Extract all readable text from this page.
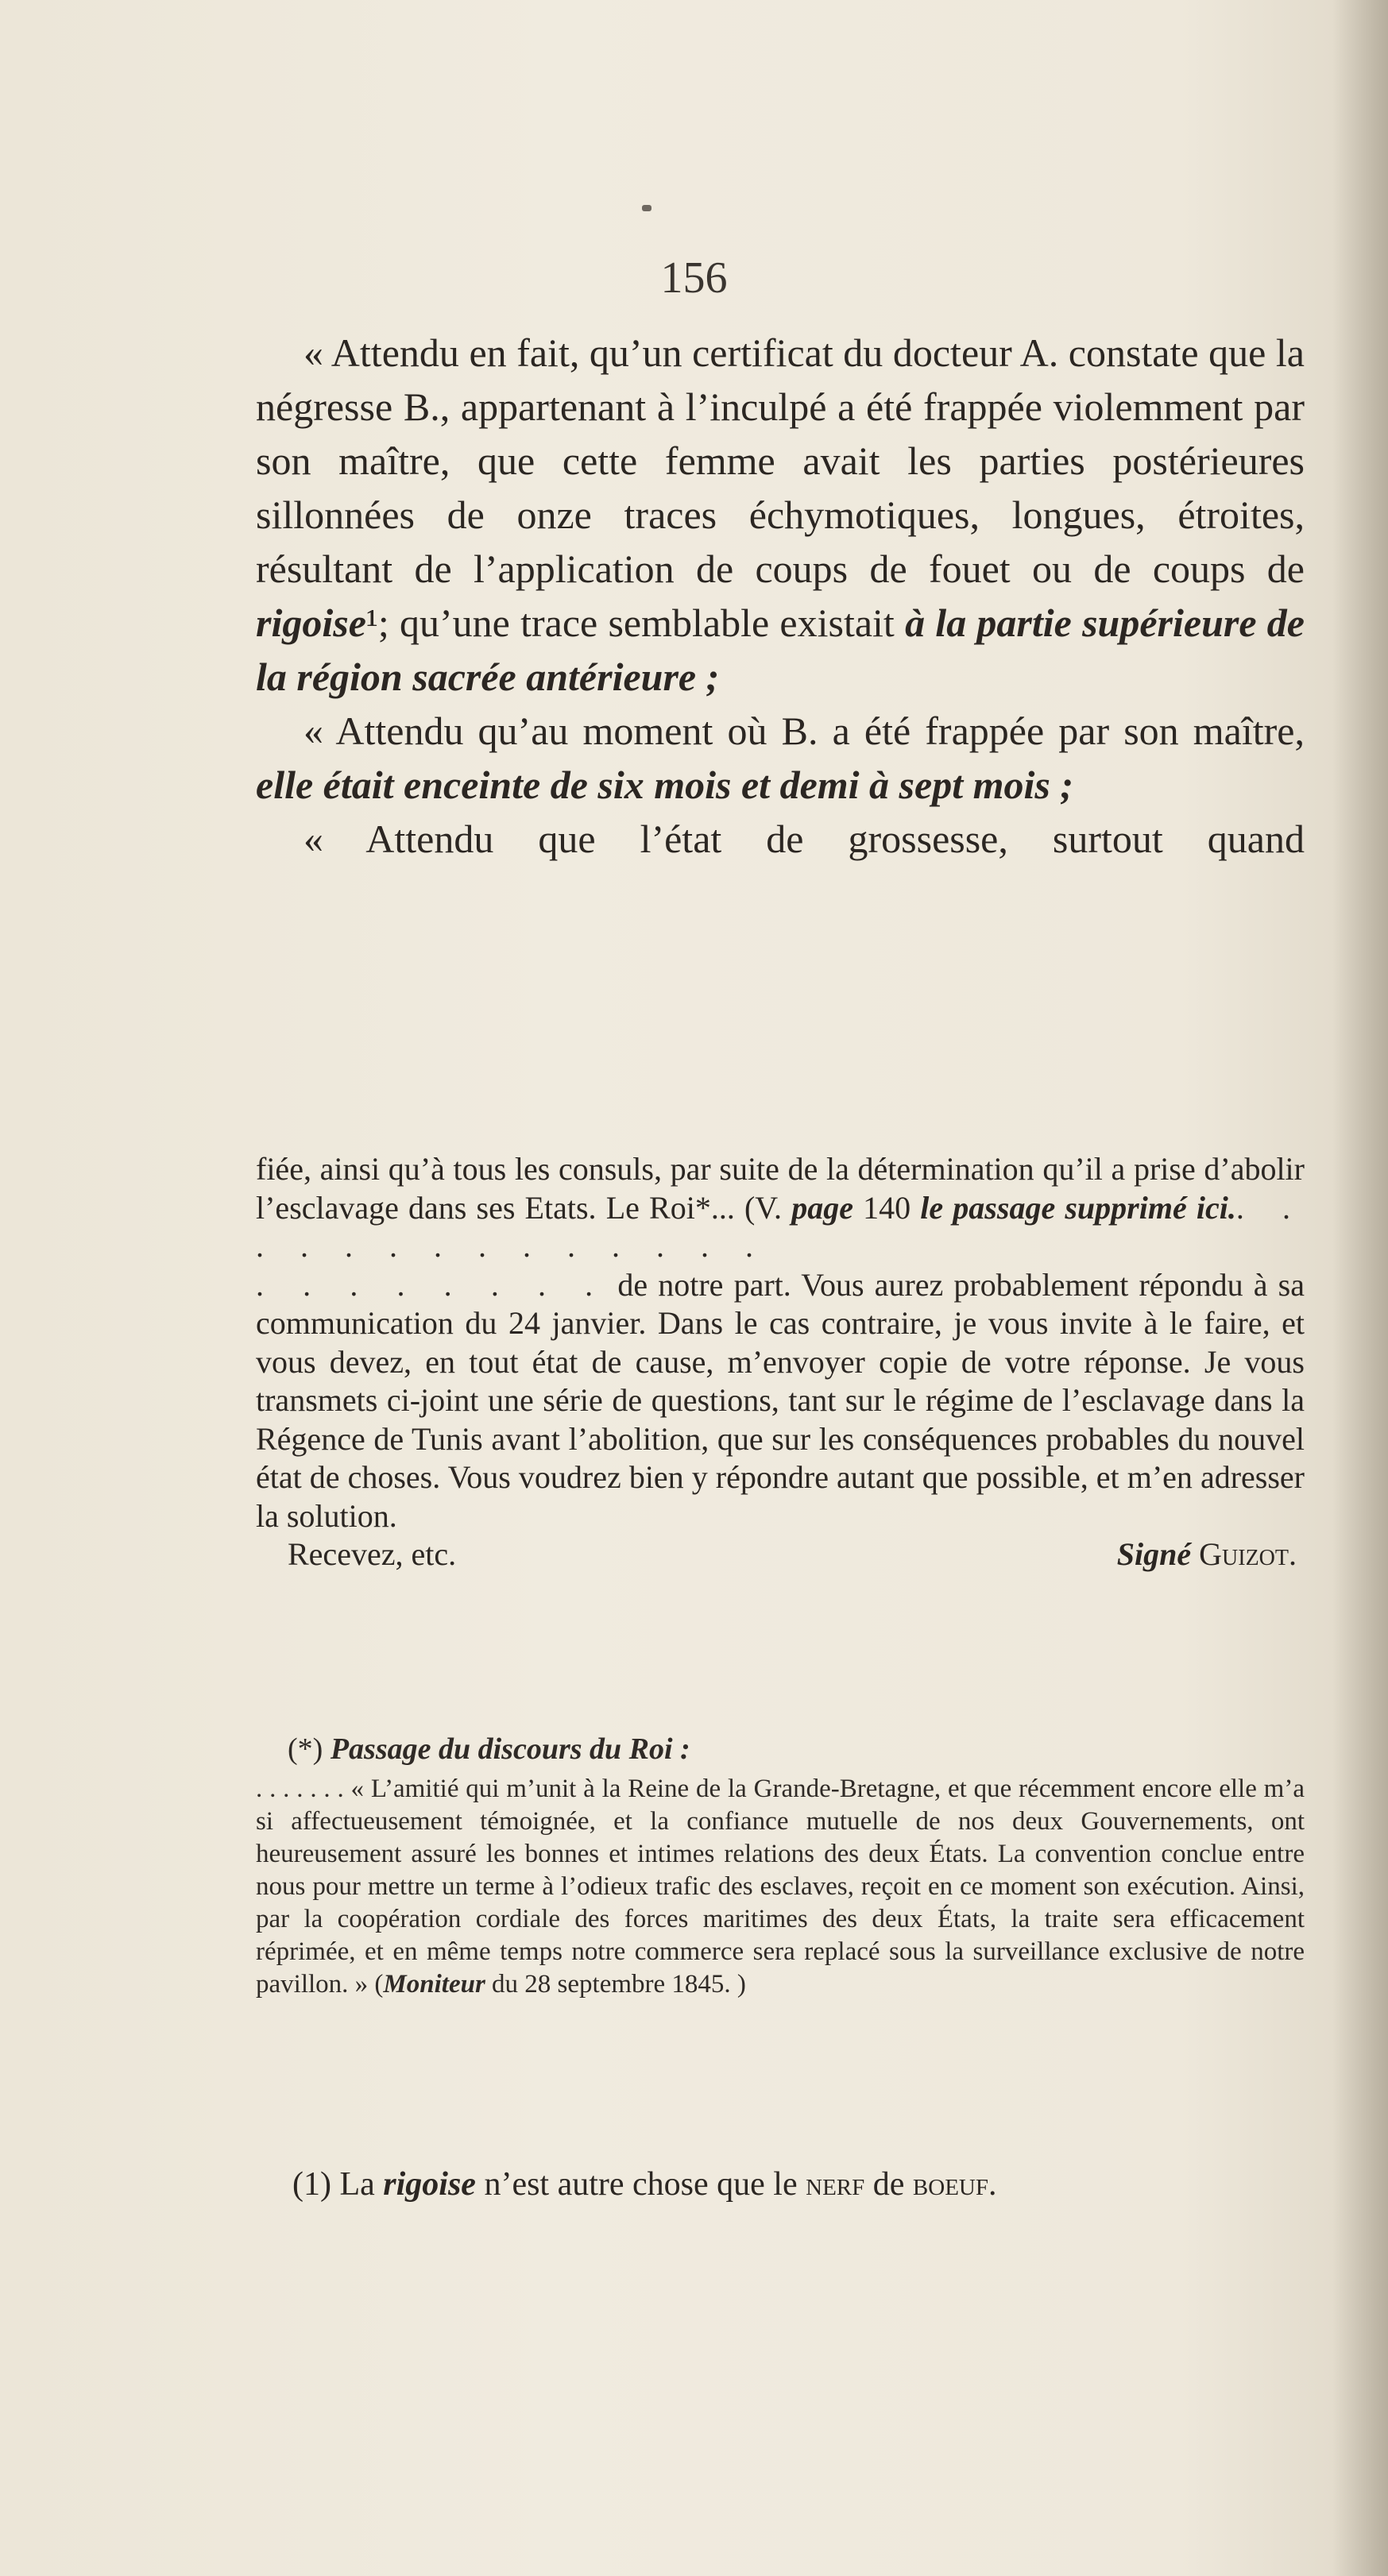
156

« Attendu en fait, qu’un certificat du docteur A. constate que la négresse B., appartenant à l’inculpé a été frappée violemment par son maître, que cette femme avait les parties postérieures sillonnées de onze traces échymotiques, longues, étroites, résultant de l’application de coups de fouet ou de coups de rigoise¹; qu’une trace semblable existait à la partie supérieure de la région sacrée antérieure ;

« Attendu qu’au moment où B. a été frappée par son maître, elle était enceinte de six mois et demi à sept mois ;

« Attendu que l’état de grossesse, surtout quand

fiée, ainsi qu’à tous les consuls, par suite de la détermination qu’il a prise d’abolir l’esclavage dans ses Etats. Le Roi*... (V. page 140 le passage supprimé ici.. . . . . . . . . . . . . .
. . . . . . . . de notre part. Vous aurez probablement répondu à sa communication du 24 janvier. Dans le cas contraire, je vous invite à le faire, et vous devez, en tout état de cause, m’envoyer copie de votre réponse. Je vous transmets ci-joint une série de questions, tant sur le régime de l’esclavage dans la Régence de Tunis avant l’abolition, que sur les conséquences probables du nouvel état de choses. Vous voudrez bien y répondre autant que possible, et m’en adresser la solution.

Recevez, etc.	Signé Guizot.
(*) Passage du discours du Roi :

. . . . . . . « L’amitié qui m’unit à la Reine de la Grande-Bretagne, et que récemment encore elle m’a si affectueusement témoignée, et la confiance mutuelle de nos deux Gouvernements, ont heureusement assuré les bonnes et intimes relations des deux États. La convention conclue entre nous pour mettre un terme à l’odieux trafic des esclaves, reçoit en ce moment son exécution. Ainsi, par la coopération cordiale des forces maritimes des deux États, la traite sera efficacement réprimée, et en même temps notre commerce sera replacé sous la surveillance exclusive de notre pavillon. » (Moniteur du 28 septembre 1845. )

(1) La rigoise n’est autre chose que le nerf de boeuf.
